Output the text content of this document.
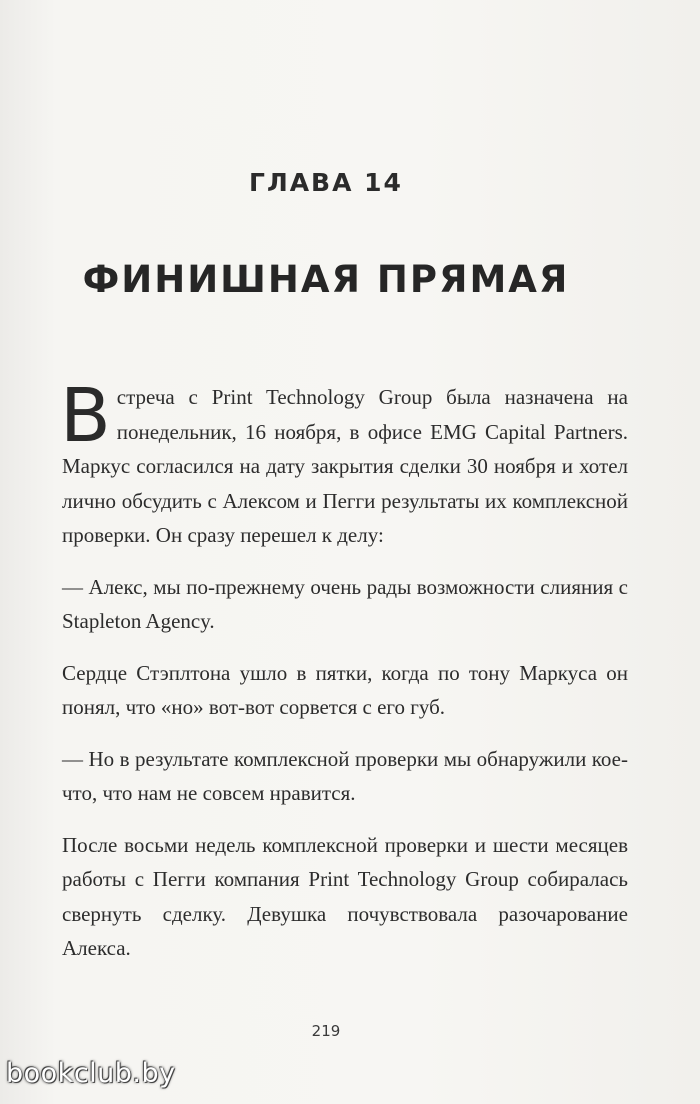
ГЛАВА 14
ФИНИШНАЯ ПРЯМАЯ

В стреча с Print Technology Group была назначена на понедельник, 16 ноября, в офисе EMG Capital Partners. Маркус согласился на дату закрытия сделки 30 ноября и хотел лично обсудить с Алексом и Пегги результаты их комплексной проверки. Он сразу перешел к делу:

— Алекс, мы по-прежнему очень рады возможности слияния с Stapleton Agency.

Сердце Стэплтона ушло в пятки, когда по тону Маркуса он понял, что «но» вот-вот сорвется с его губ.

— Но в результате комплексной проверки мы обнаружили кое-что, что нам не совсем нравится.

После восьми недель комплексной проверки и шести месяцев работы с Пегги компания Print Technology Group собиралась свернуть сделку. Девушка почувствовала разочарование Алекса.

219
bookclub.by
